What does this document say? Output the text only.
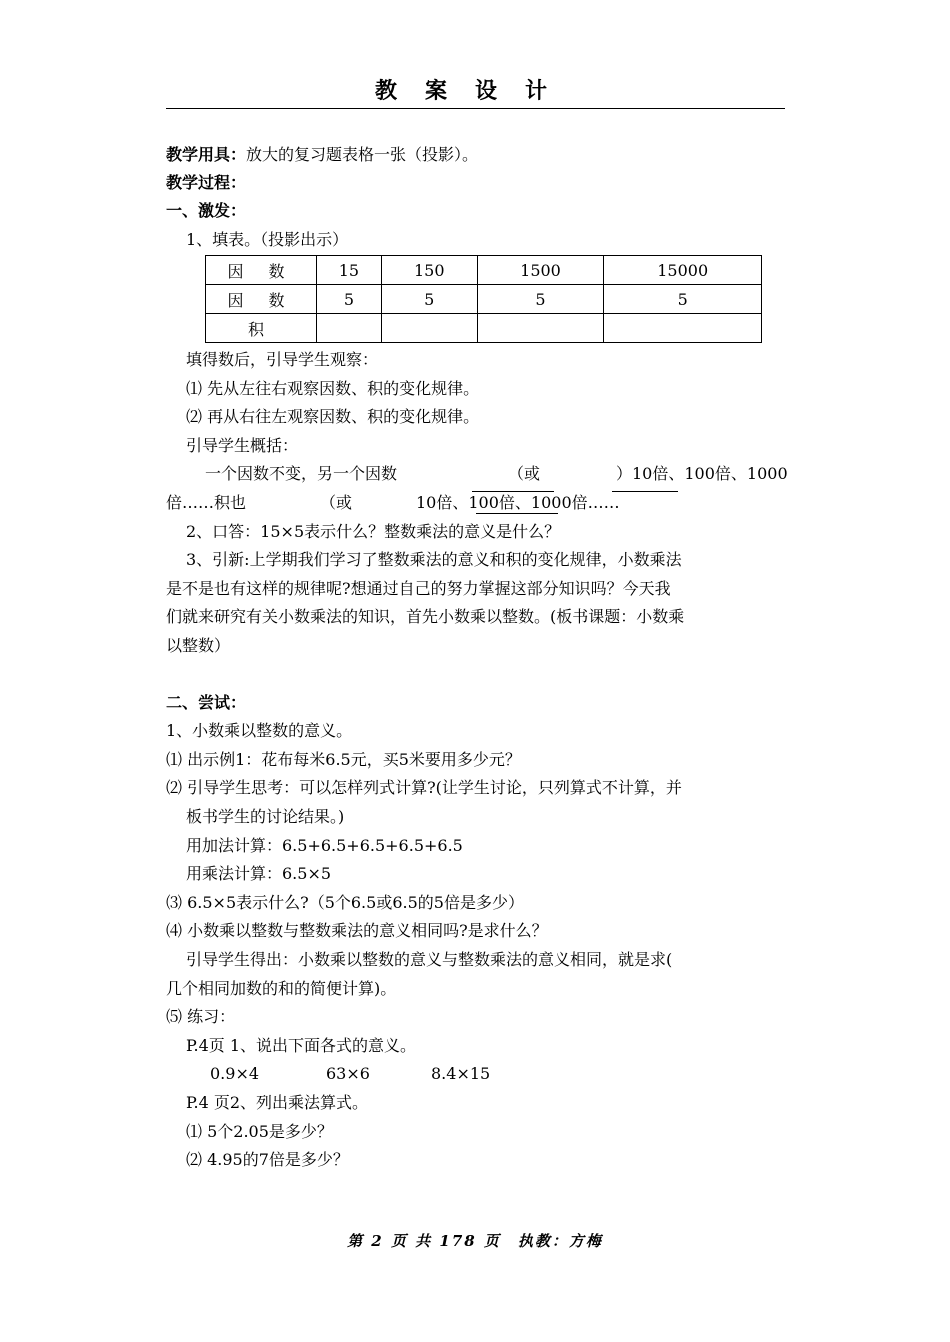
教案设计
教学用具：放大的复习题表格一张（投影）。
教学过程：
一、激发：
1、填表。（投影出示）
因 数	15	150	1500	15000
因 数	5	5	5	5
积				
填得数后，引导学生观察：
⑴ 先从左往右观察因数、积的变化规律。
⑵ 再从右往左观察因数、积的变化规律。
引导学生概括：
一个因数不变，另一个因数	（或	）10倍、100倍、1000
倍……积也	（或	10倍、100倍、1000倍……
2、口答：15×5表示什么？整数乘法的意义是什么？
3、引新:上学期我们学习了整数乘法的意义和积的变化规律，小数乘法
是不是也有这样的规律呢?想通过自己的努力掌握这部分知识吗？今天我
们就来研究有关小数乘法的知识，首先小数乘以整数。(板书课题：小数乘
以整数）
二、尝试：
1、小数乘以整数的意义。
⑴ 出示例1：花布每米6.5元，买5米要用多少元？
⑵ 引导学生思考：可以怎样列式计算?(让学生讨论，只列算式不计算，并
板书学生的讨论结果。)
用加法计算：6.5+6.5+6.5+6.5+6.5
用乘法计算：6.5×5
⑶ 6.5×5表示什么?（5个6.5或6.5的5倍是多少）
⑷ 小数乘以整数与整数乘法的意义相同吗?是求什么？
引导学生得出：小数乘以整数的意义与整数乘法的意义相同，就是求(
几个相同加数的和的简便计算)。
⑸ 练习：
P.4页 1、说出下面各式的意义。
0.9×4	63×6	8.4×15
P.4 页2、列出乘法算式。
⑴ 5个2.05是多少？
⑵ 4.95的7倍是多少？
第 2 页 共 178 页　执教：方梅
